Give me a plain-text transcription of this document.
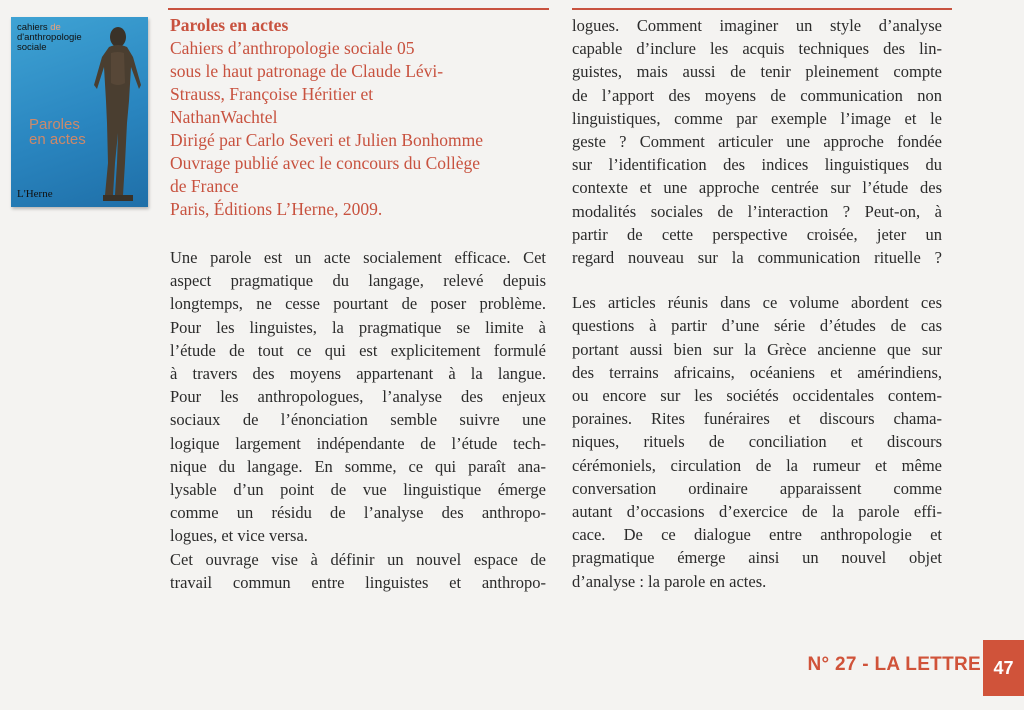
cahiers de
d'anthropologie
sociale
Paroles
en actes
L'Herne
Paroles en actes
Cahiers d’anthropologie sociale 05
sous le haut patronage de Claude Lévi-
Strauss, Françoise Héritier et
NathanWachtel
Dirigé par Carlo Severi et Julien Bonhomme
Ouvrage publié avec le concours du Collège
de France
Paris, Éditions L’Herne, 2009.

Une parole est un acte socialement efficace. Cet
aspect pragmatique du langage, relevé depuis
longtemps, ne cesse pourtant de poser problème.
Pour les linguistes, la pragmatique se limite à
l’étude de tout ce qui est explicitement formulé
à travers des moyens appartenant à la langue.
Pour les anthropologues, l’analyse des enjeux
sociaux de l’énonciation semble suivre une
logique largement indépendante de l’étude tech-
nique du langage. En somme, ce qui paraît ana-
lysable d’un point de vue linguistique émerge
comme un résidu de l’analyse des anthropo-
logues, et vice versa.

Cet ouvrage vise à définir un nouvel espace de
travail commun entre linguistes et anthropo-

logues. Comment imaginer un style d’analyse
capable d’inclure les acquis techniques des lin-
guistes, mais aussi de tenir pleinement compte
de l’apport des moyens de communication non
linguistiques, comme par exemple l’image et le
geste ? Comment articuler une approche fondée
sur l’identification des indices linguistiques du
contexte et une approche centrée sur l’étude des
modalités sociales de l’interaction ? Peut-on, à
partir de cette perspective croisée, jeter un
regard nouveau sur la communication rituelle ?

Les articles réunis dans ce volume abordent ces
questions à partir d’une série d’études de cas
portant aussi bien sur la Grèce ancienne que sur
des terrains africains, océaniens et amérindiens,
ou encore sur les sociétés occidentales contem-
poraines. Rites funéraires et discours chama-
niques, rituels de conciliation et discours
cérémoniels, circulation de la rumeur et même
conversation ordinaire apparaissent comme
autant d’occasions d’exercice de la parole effi-
cace. De ce dialogue entre anthropologie et
pragmatique émerge ainsi un nouvel objet
d’analyse : la parole en actes.

N° 27 - LA LETTRE 47
